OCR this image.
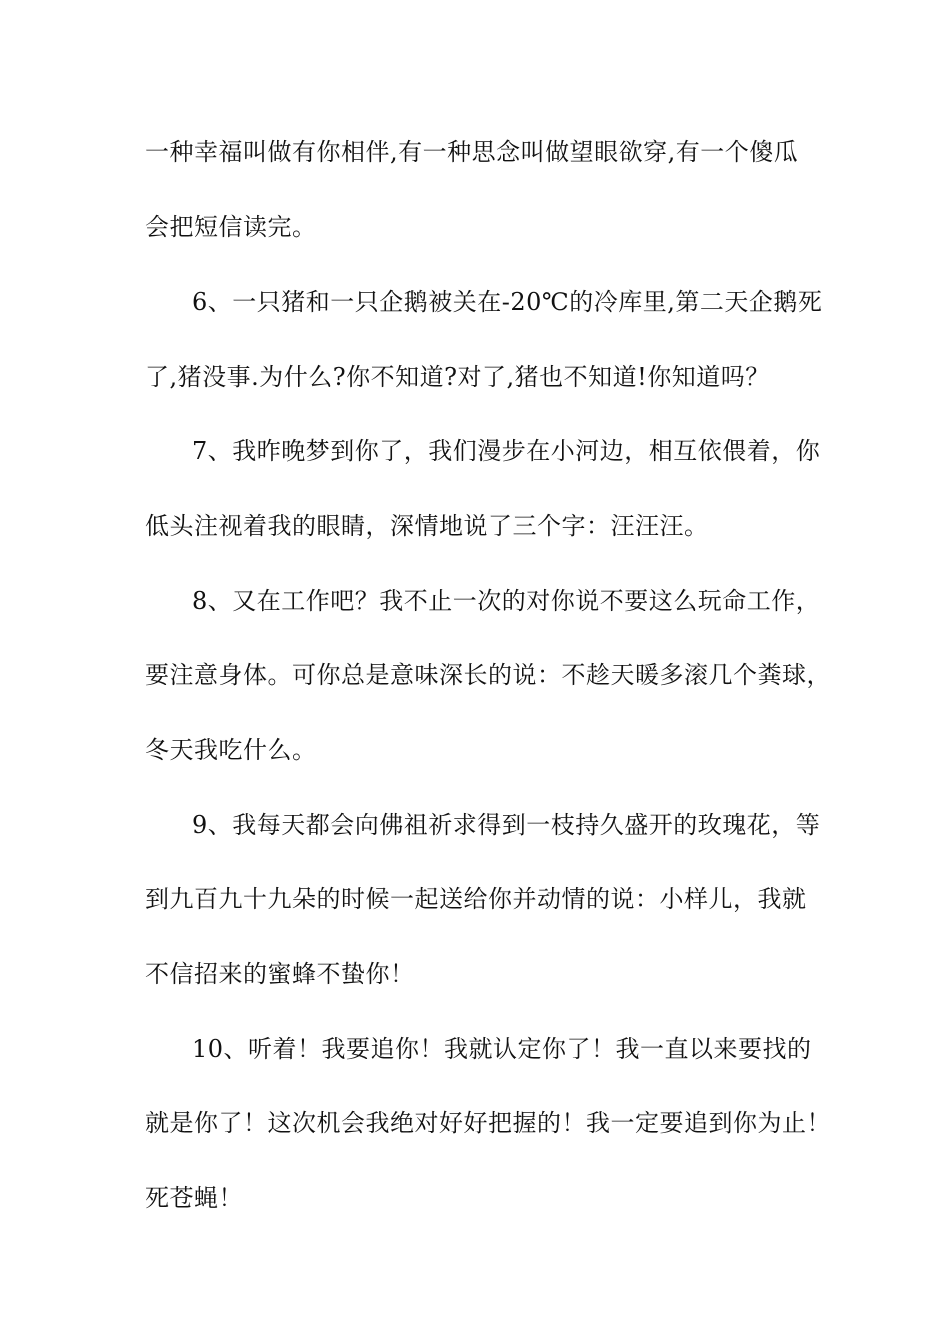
一种幸福叫做有你相伴,有一种思念叫做望眼欲穿,有一个傻瓜
会把短信读完。
6、一只猪和一只企鹅被关在-20℃的冷库里,第二天企鹅死
了,猪没事.为什么?你不知道?对了,猪也不知道!你知道吗？
7、我昨晚梦到你了，我们漫步在小河边，相互依偎着，你
低头注视着我的眼睛，深情地说了三个字：汪汪汪。
8、又在工作吧？我不止一次的对你说不要这么玩命工作，
要注意身体。可你总是意味深长的说：不趁天暖多滚几个粪球，
冬天我吃什么。
9、我每天都会向佛祖祈求得到一枝持久盛开的玫瑰花，等
到九百九十九朵的时候一起送给你并动情的说：小样儿，我就
不信招来的蜜蜂不蛰你！
10、听着！我要追你！我就认定你了！我一直以来要找的
就是你了！这次机会我绝对好好把握的！我一定要追到你为止！
死苍蝇！
